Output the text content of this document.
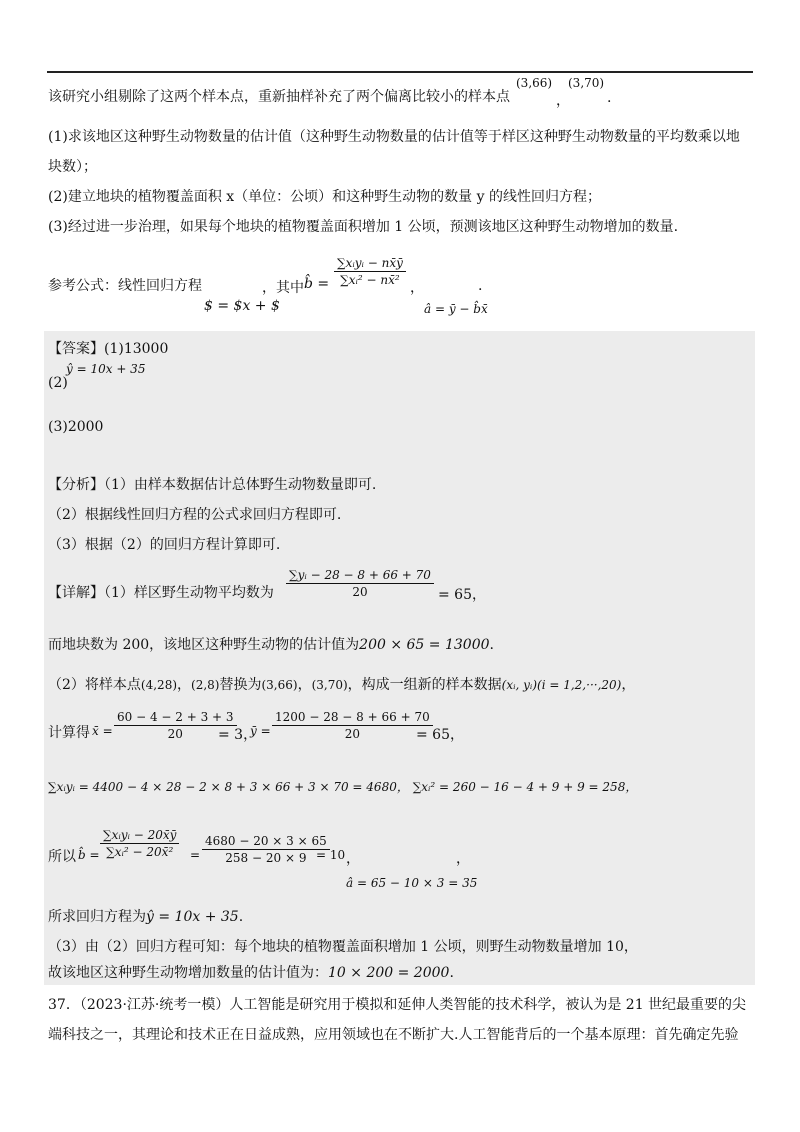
该研究小组剔除了这两个样本点，重新抽样补充了两个偏离比较小的样本点
(3,66)
，
(3,70)
.
(1)求该地区这种野生动物数量的估计值（这种野生动物数量的估计值等于样区这种野生动物数量的平均数乘以地
块数）；
(2)建立地块的植物覆盖面积 x（单位：公顷）和这种野生动物的数量 y 的线性回归方程；
(3)经过进一步治理，如果每个地块的植物覆盖面积增加 1 公顷，预测该地区这种野生动物增加的数量.
参考公式：线性回归方程
$ = $x + $
，其中 b̂ = $\frac{\text{∑xᵢyᵢ − nx̄ȳ}}{\text{∑xᵢ² − nx̄²}}$
，
â = ȳ − b̂x̄
.
【答案】(1)13000
(2)
ŷ = 10x + 35
(3)2000
【分析】（1）由样本数据估计总体野生动物数量即可.
（2）根据线性回归方程的公式求回归方程即可.
（3）根据（2）的回归方程计算即可.
【详解】（1）样区野生动物平均数为 $\frac{\text{∑yᵢ − 28 − 8 + 66 + 70}}{20} = 65$，
而地块数为 200，该地区这种野生动物的估计值为200 × 65 = 13000.
（2）将样本点(4,28)，(2,8)替换为(3,66)，(3,70)，构成一组新的样本数据(xᵢ, yᵢ)(i = 1,2,···,20)，
计算得 x̄ = $\frac{60 - 4 - 2 + 3 + 3}{20}$
= 3，
ȳ = $\frac{1200 - 28 - 8 + 66 + 70}{20}$
= 65，
∑xᵢyᵢ = 4400 − 4 × 28 − 2 × 8 + 3 × 66 + 3 × 70 = 4680， ∑xᵢ² = 260 − 16 − 4 + 9 + 9 = 258，
所以 b̂ = $\frac{\text{∑xᵢyᵢ − 20x̄ȳ}}{\text{∑xᵢ² − 20x̄²}} = \frac{4680 - 20 \times 3 \times 65}{258 - 20 \times 9}$
= 10 ，	，
â = 65 − 10 × 3 = 35
所求回归方程为ŷ = 10x + 35.
（3）由（2）回归方程可知：每个地块的植物覆盖面积增加 1 公顷，则野生动物数量增加 10，
故该地区这种野生动物增加数量的估计值为：10 × 200 = 2000.
37．（2023·江苏·统考一模）人工智能是研究用于模拟和延伸人类智能的技术科学，被认为是 21 世纪最重要的尖
端科技之一，其理论和技术正在日益成熟，应用领域也在不断扩大.人工智能背后的一个基本原理：首先确定先验
